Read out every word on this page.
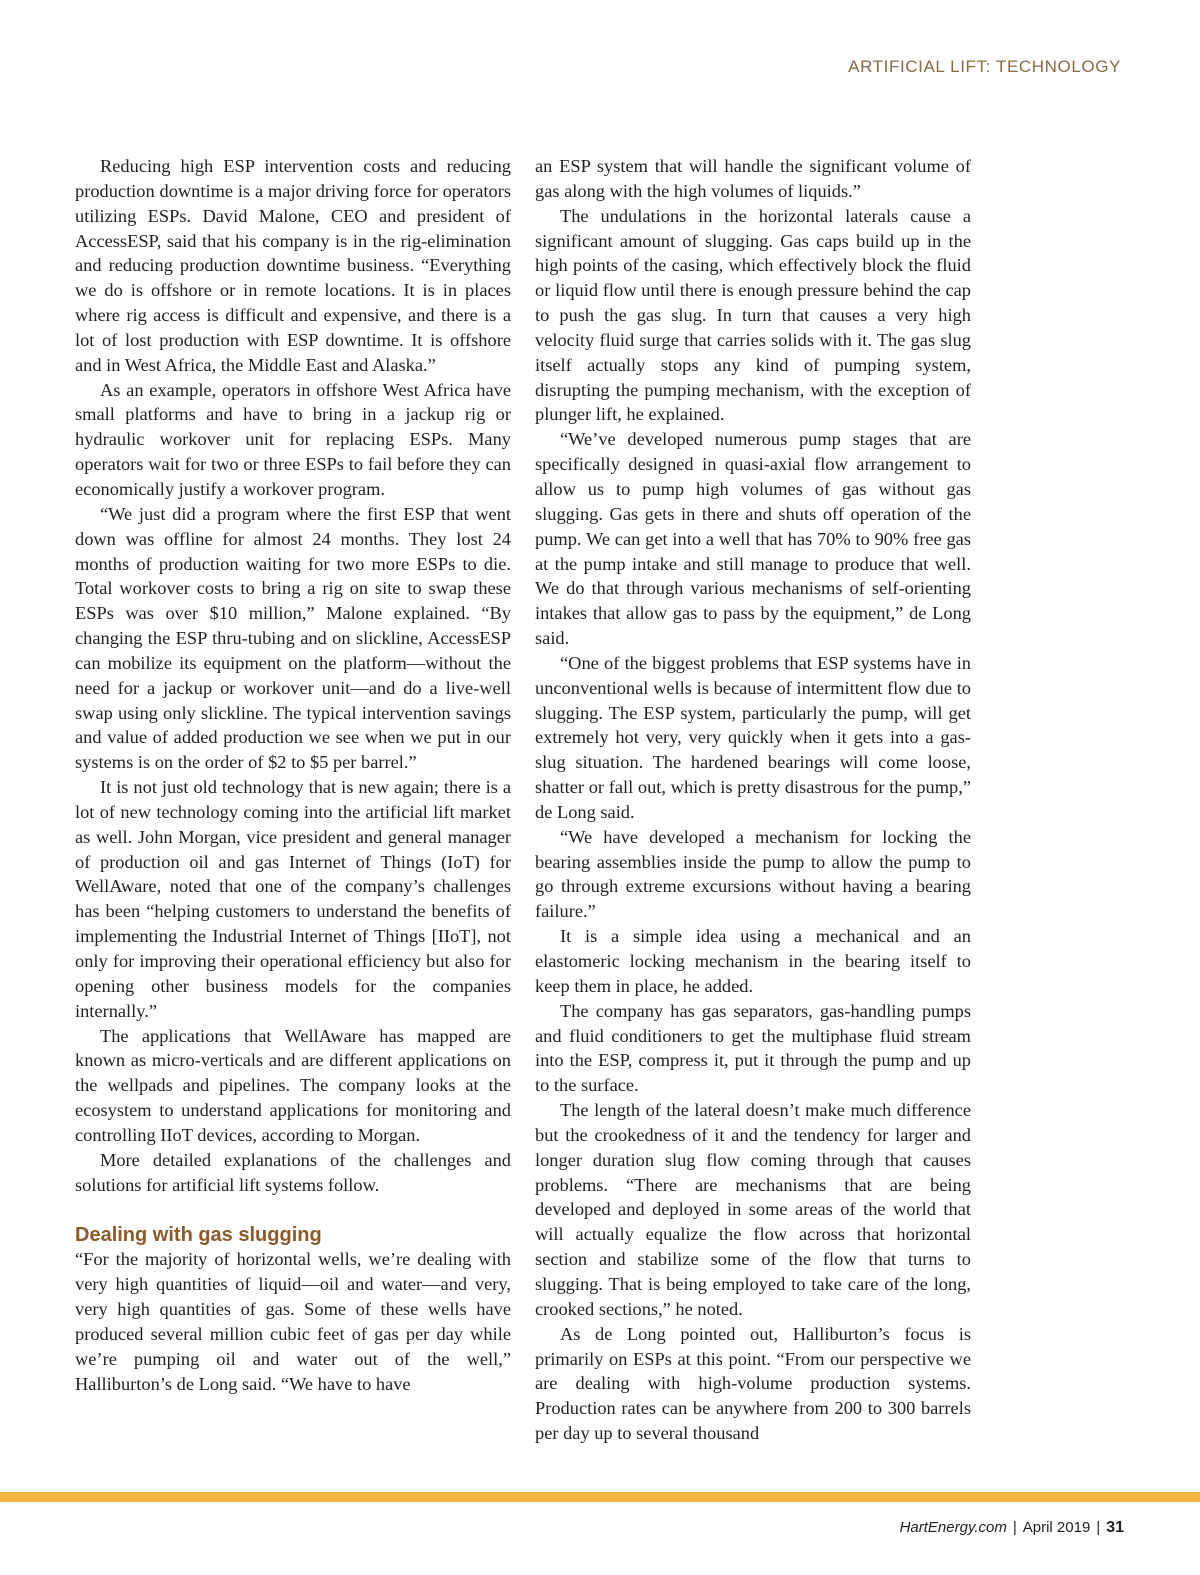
ARTIFICIAL LIFT: TECHNOLOGY

Reducing high ESP intervention costs and reducing production downtime is a major driving force for operators utilizing ESPs. David Malone, CEO and president of AccessESP, said that his company is in the rig-elimination and reducing production downtime business. “Everything we do is offshore or in remote locations. It is in places where rig access is difficult and expensive, and there is a lot of lost production with ESP downtime. It is offshore and in West Africa, the Middle East and Alaska.”

As an example, operators in offshore West Africa have small platforms and have to bring in a jackup rig or hydraulic workover unit for replacing ESPs. Many operators wait for two or three ESPs to fail before they can economically justify a workover program.

“We just did a program where the first ESP that went down was offline for almost 24 months. They lost 24 months of production waiting for two more ESPs to die. Total workover costs to bring a rig on site to swap these ESPs was over $10 million,” Malone explained. “By changing the ESP thru-tubing and on slickline, AccessESP can mobilize its equipment on the platform—without the need for a jackup or workover unit—and do a live-well swap using only slickline. The typical intervention savings and value of added production we see when we put in our systems is on the order of $2 to $5 per barrel.”

It is not just old technology that is new again; there is a lot of new technology coming into the artificial lift market as well. John Morgan, vice president and general manager of production oil and gas Internet of Things (IoT) for WellAware, noted that one of the company’s challenges has been “helping customers to understand the benefits of implementing the Industrial Internet of Things [IIoT], not only for improving their operational efficiency but also for opening other business models for the companies internally.”

The applications that WellAware has mapped are known as micro-verticals and are different applications on the wellpads and pipelines. The company looks at the ecosystem to understand applications for monitoring and controlling IIoT devices, according to Morgan.

More detailed explanations of the challenges and solutions for artificial lift systems follow.

Dealing with gas slugging

“For the majority of horizontal wells, we’re dealing with very high quantities of liquid—oil and water—and very, very high quantities of gas. Some of these wells have produced several million cubic feet of gas per day while we’re pumping oil and water out of the well,” Halliburton’s de Long said. “We have to have

an ESP system that will handle the significant volume of gas along with the high volumes of liquids.”

The undulations in the horizontal laterals cause a significant amount of slugging. Gas caps build up in the high points of the casing, which effectively block the fluid or liquid flow until there is enough pressure behind the cap to push the gas slug. In turn that causes a very high velocity fluid surge that carries solids with it. The gas slug itself actually stops any kind of pumping system, disrupting the pumping mechanism, with the exception of plunger lift, he explained.

“We’ve developed numerous pump stages that are specifically designed in quasi-axial flow arrangement to allow us to pump high volumes of gas without gas slugging. Gas gets in there and shuts off operation of the pump. We can get into a well that has 70% to 90% free gas at the pump intake and still manage to produce that well. We do that through various mechanisms of self-orienting intakes that allow gas to pass by the equipment,” de Long said.

“One of the biggest problems that ESP systems have in unconventional wells is because of intermittent flow due to slugging. The ESP system, particularly the pump, will get extremely hot very, very quickly when it gets into a gas-slug situation. The hardened bearings will come loose, shatter or fall out, which is pretty disastrous for the pump,” de Long said.

“We have developed a mechanism for locking the bearing assemblies inside the pump to allow the pump to go through extreme excursions without having a bearing failure.”

It is a simple idea using a mechanical and an elastomeric locking mechanism in the bearing itself to keep them in place, he added.

The company has gas separators, gas-handling pumps and fluid conditioners to get the multiphase fluid stream into the ESP, compress it, put it through the pump and up to the surface.

The length of the lateral doesn’t make much difference but the crookedness of it and the tendency for larger and longer duration slug flow coming through that causes problems. “There are mechanisms that are being developed and deployed in some areas of the world that will actually equalize the flow across that horizontal section and stabilize some of the flow that turns to slugging. That is being employed to take care of the long, crooked sections,” he noted.

As de Long pointed out, Halliburton’s focus is primarily on ESPs at this point. “From our perspective we are dealing with high-volume production systems. Production rates can be anywhere from 200 to 300 barrels per day up to several thousand

HartEnergy.com | April 2019 | 31
